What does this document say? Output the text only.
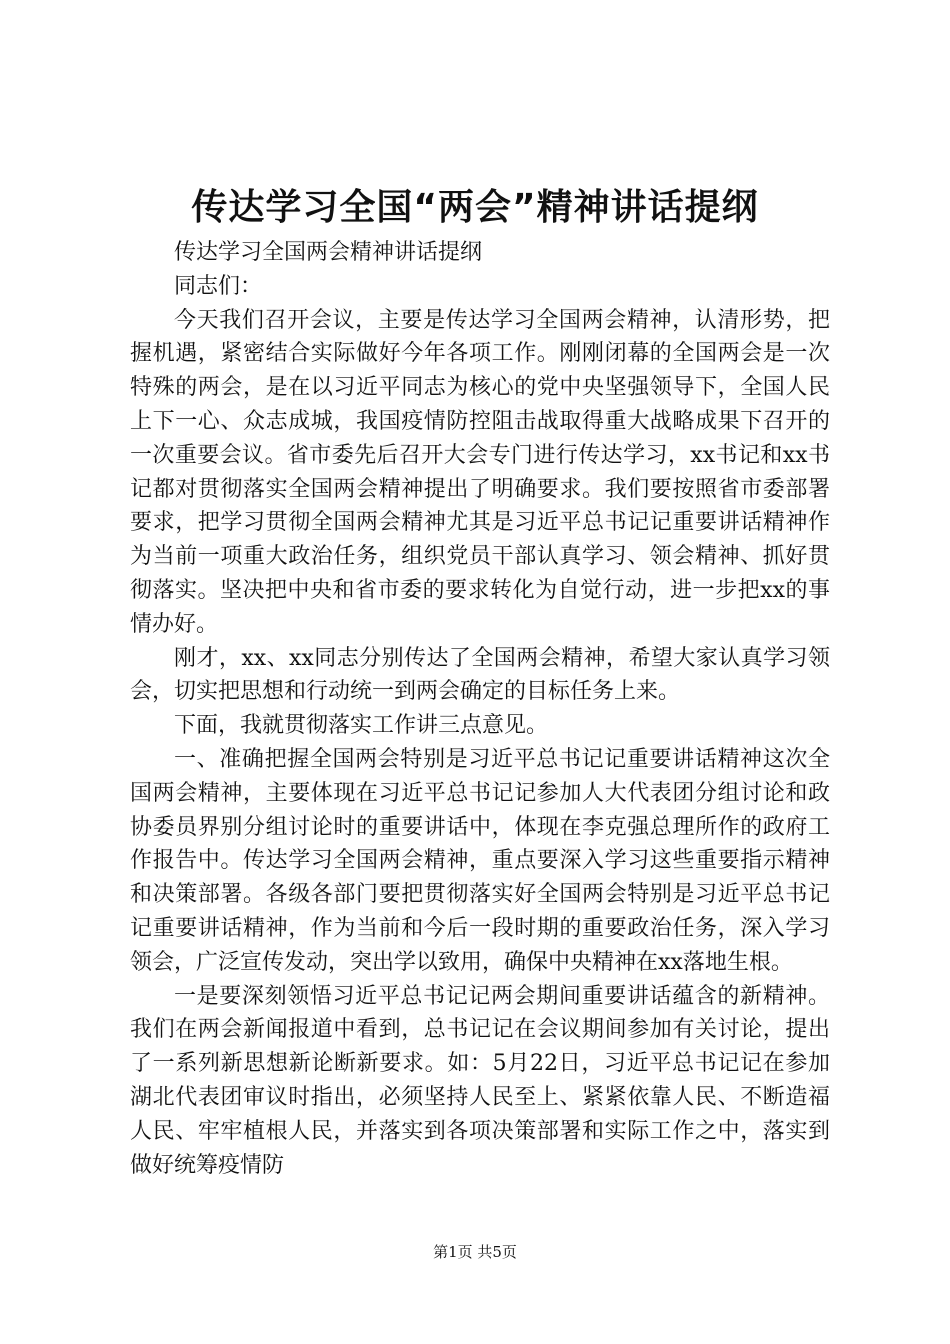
传达学习全国“两会”精神讲话提纲

传达学习全国两会精神讲话提纲

同志们：

今天我们召开会议，主要是传达学习全国两会精神，认清形势，把握机遇，紧密结合实际做好今年各项工作。刚刚闭幕的全国两会是一次特殊的两会，是在以习近平同志为核心的党中央坚强领导下，全国人民上下一心、众志成城，我国疫情防控阻击战取得重大战略成果下召开的一次重要会议。省市委先后召开大会专门进行传达学习，xx书记和xx书记都对贯彻落实全国两会精神提出了明确要求。我们要按照省市委部署要求，把学习贯彻全国两会精神尤其是习近平总书记记重要讲话精神作为当前一项重大政治任务，组织党员干部认真学习、领会精神、抓好贯彻落实。坚决把中央和省市委的要求转化为自觉行动，进一步把xx的事情办好。

刚才，xx、xx同志分别传达了全国两会精神，希望大家认真学习领会，切实把思想和行动统一到两会确定的目标任务上来。

下面，我就贯彻落实工作讲三点意见。

一、准确把握全国两会特别是习近平总书记记重要讲话精神这次全国两会精神，主要体现在习近平总书记记参加人大代表团分组讨论和政协委员界别分组讨论时的重要讲话中，体现在李克强总理所作的政府工作报告中。传达学习全国两会精神，重点要深入学习这些重要指示精神和决策部署。各级各部门要把贯彻落实好全国两会特别是习近平总书记记重要讲话精神，作为当前和今后一段时期的重要政治任务，深入学习领会，广泛宣传发动，突出学以致用，确保中央精神在xx落地生根。

一是要深刻领悟习近平总书记记两会期间重要讲话蕴含的新精神。我们在两会新闻报道中看到，总书记记在会议期间参加有关讨论，提出了一系列新思想新论断新要求。如：5月22日，习近平总书记记在参加湖北代表团审议时指出，必须坚持人民至上、紧紧依靠人民、不断造福人民、牢牢植根人民，并落实到各项决策部署和实际工作之中，落实到做好统筹疫情防

第1页 共5页
